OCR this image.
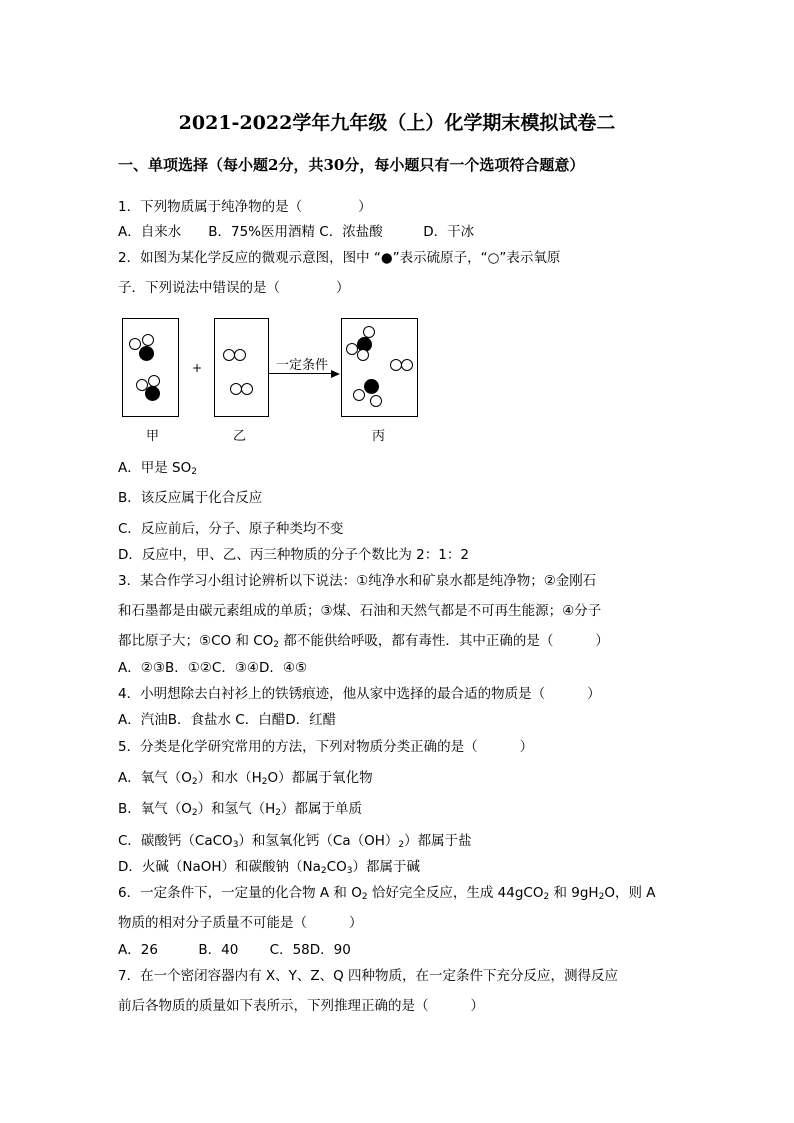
2021-2022学年九年级（上）化学期末模拟试卷二
一、单项选择（每小题2分，共30分，每小题只有一个选项符合题意）
1．下列物质属于纯净物的是（	）
A．自来水　　B．75%医用酒精 C．浓盐酸　　　D．干冰
2．如图为某化学反应的微观示意图，图中 “●”表示硫原子，“○”表示氧原
子．下列说法中错误的是（	）
甲
+
乙
一定条件
丙
A．甲是 $SO_2$
B．该反应属于化合反应
C．反应前后，分子、原子种类均不变
D．反应中，甲、乙、丙三种物质的分子个数比为 2：1：2
3．某合作学习小组讨论辨析以下说法：①纯净水和矿泉水都是纯净物；②金刚石
和石墨都是由碳元素组成的单质；③煤、石油和天然气都是不可再生能源；④分子
都比原子大；⑤CO 和 $CO_2$ 都不能供给呼吸，都有毒性．其中正确的是（	）
A．②③B．①②C．③④D．④⑤
4．小明想除去白衬衫上的铁锈痕迹，他从家中选择的最合适的物质是（	）
A．汽油B．食盐水 C．白醋D．红醋
5．分类是化学研究常用的方法，下列对物质分类正确的是（	）
A．氧气$(O_2)$和水$(H_2O)$都属于氧化物
B．氧气$(O_2)$和氢气$(H_2)$都属于单质
C．碳酸钙（CaCO$_3$）和氢氧化钙$(Ca(OH)_2)$都属于盐
D．火碱（NaOH）和碳酸钠$(Na_2CO_3)$都属于碱
6．一定条件下，一定量的化合物 A 和 $O_2$ 恰好完全反应，生成 44gCO$_2$ 和 $9gH_2O$，则 A
物质的相对分子质量不可能是（	）
A．26　　　B．40　　 C．58D．90
7．在一个密闭容器内有 X、Y、Z、Q 四种物质，在一定条件下充分反应，测得反应
前后各物质的质量如下表所示，下列推理正确的是（	）
